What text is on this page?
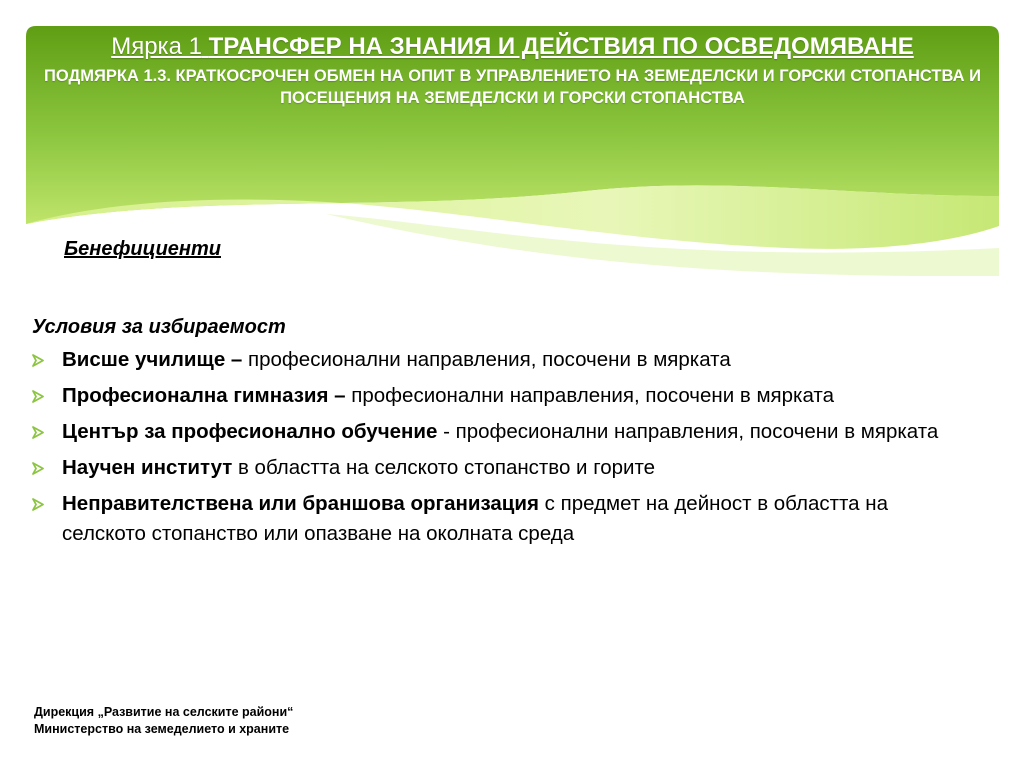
Мярка 1 ТРАНСФЕР НА ЗНАНИЯ И ДЕЙСТВИЯ ПО ОСВЕДОМЯВАНЕ
ПОДМЯРКА 1.3. КРАТКОСРОЧЕН ОБМЕН НА ОПИТ В УПРАВЛЕНИЕТО НА ЗЕМЕДЕЛСКИ И ГОРСКИ СТОПАНСТВА И ПОСЕЩЕНИЯ НА ЗЕМЕДЕЛСКИ И ГОРСКИ СТОПАНСТВА
Бенефициенти
Условия за избираемост
Висше училище – професионални направления, посочени в мярката
Професионална гимназия – професионални направления, посочени в мярката
Център за професионално обучение - професионални направления, посочени в мярката
Научен институт в областта на селското стопанство и горите
Неправителствена или браншова организация с предмет на дейност в областта на селското стопанство или опазване на околната среда
Дирекция „Развитие на селските райони“
Министерство на земеделието и храните
